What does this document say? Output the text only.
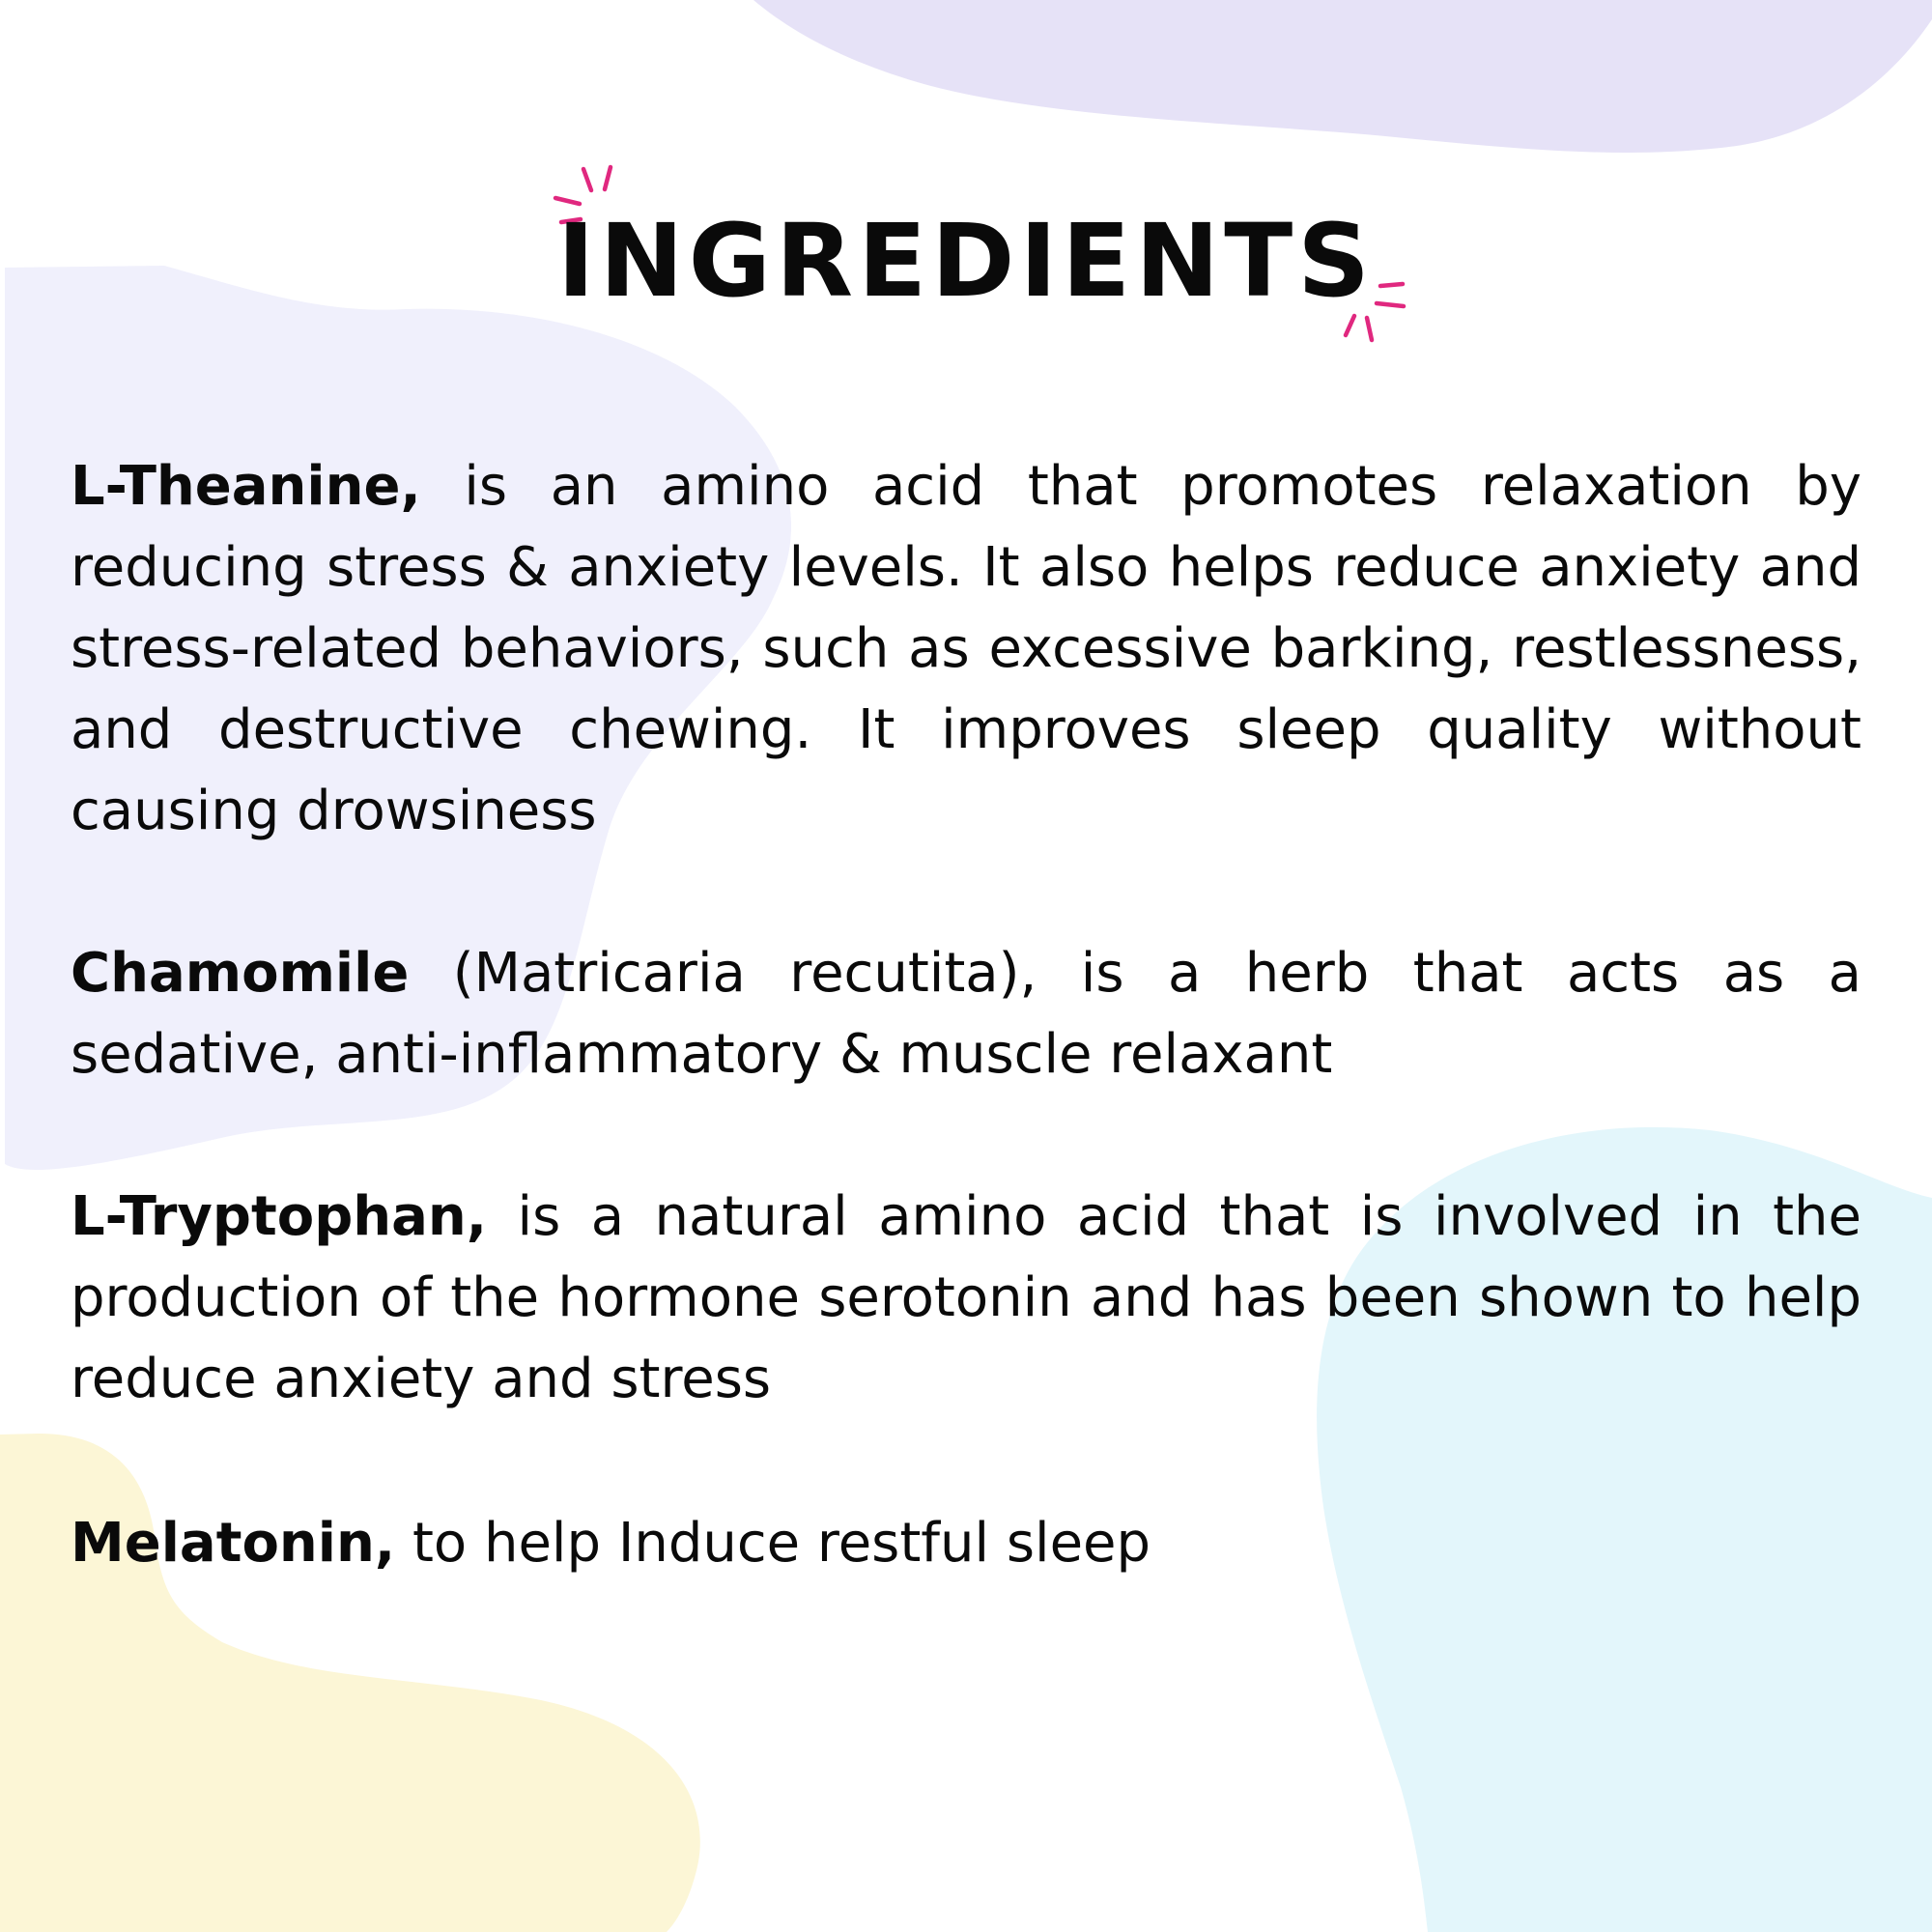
INGREDIENTS

L-Theanine, is an amino acid that promotes relaxation by reducing stress & anxiety levels. It also helps reduce anxiety and stress-related behaviors, such as excessive barking, restlessness, and destructive chewing. It improves sleep quality without causing drowsiness

Chamomile (Matricaria recutita), is a herb that acts as a sedative, anti-inflammatory & muscle relaxant

L-Tryptophan, is a natural amino acid that is involved in the production of the hormone serotonin and has been shown to help reduce anxiety and stress

Melatonin, to help Induce restful sleep
